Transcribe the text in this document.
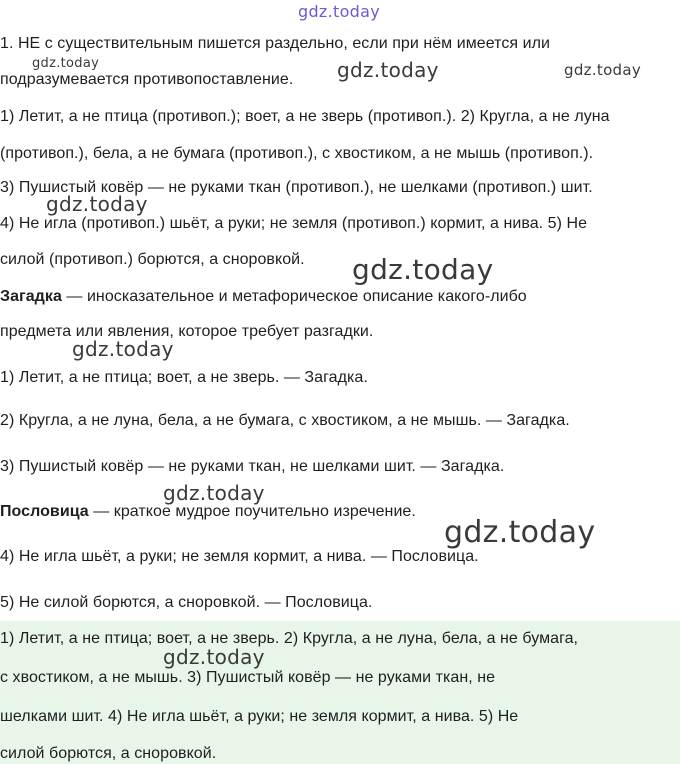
1. НЕ с существительным пишется раздельно, если при нём имеется или
подразумевается противопоставление.
1) Летит, а не птица (противоп.); воет, а не зверь (противоп.). 2) Кругла, а не луна
(противоп.), бела, а не бумага (противоп.), с хвостиком, а не мышь (противоп.).
3) Пушистый ковёр — не руками ткан (противоп.), не шелками (противоп.) шит.
4) Не игла (противоп.) шьёт, а руки; не земля (противоп.) кормит, а нива. 5) Не
силой (противоп.) борются, а сноровкой.
Загадка — иносказательное и метафорическое описание какого-либо
предмета или явления, которое требует разгадки.
1) Летит, а не птица; воет, а не зверь. — Загадка.
2) Кругла, а не луна, бела, а не бумага, с хвостиком, а не мышь. — Загадка.
3) Пушистый ковёр — не руками ткан, не шелками шит. — Загадка.
Пословица — краткое мудрое поучительно изречение.
4) Не игла шьёт, а руки; не земля кормит, а нива. — Пословица.
5) Не силой борются, а сноровкой. — Пословица.
1) Летит, а не птица; воет, а не зверь. 2) Кругла, а не луна, бела, а не бумага,
с хвостиком, а не мышь. 3) Пушистый ковёр — не руками ткан, не
шелками шит. 4) Не игла шьёт, а руки; не земля кормит, а нива. 5) Не
силой борются, а сноровкой.
gdz.today
gdz.today	gdz.today	gdz.today
gdz.today
gdz.today
gdz.today
gdz.today
gdz.today
gdz.today
